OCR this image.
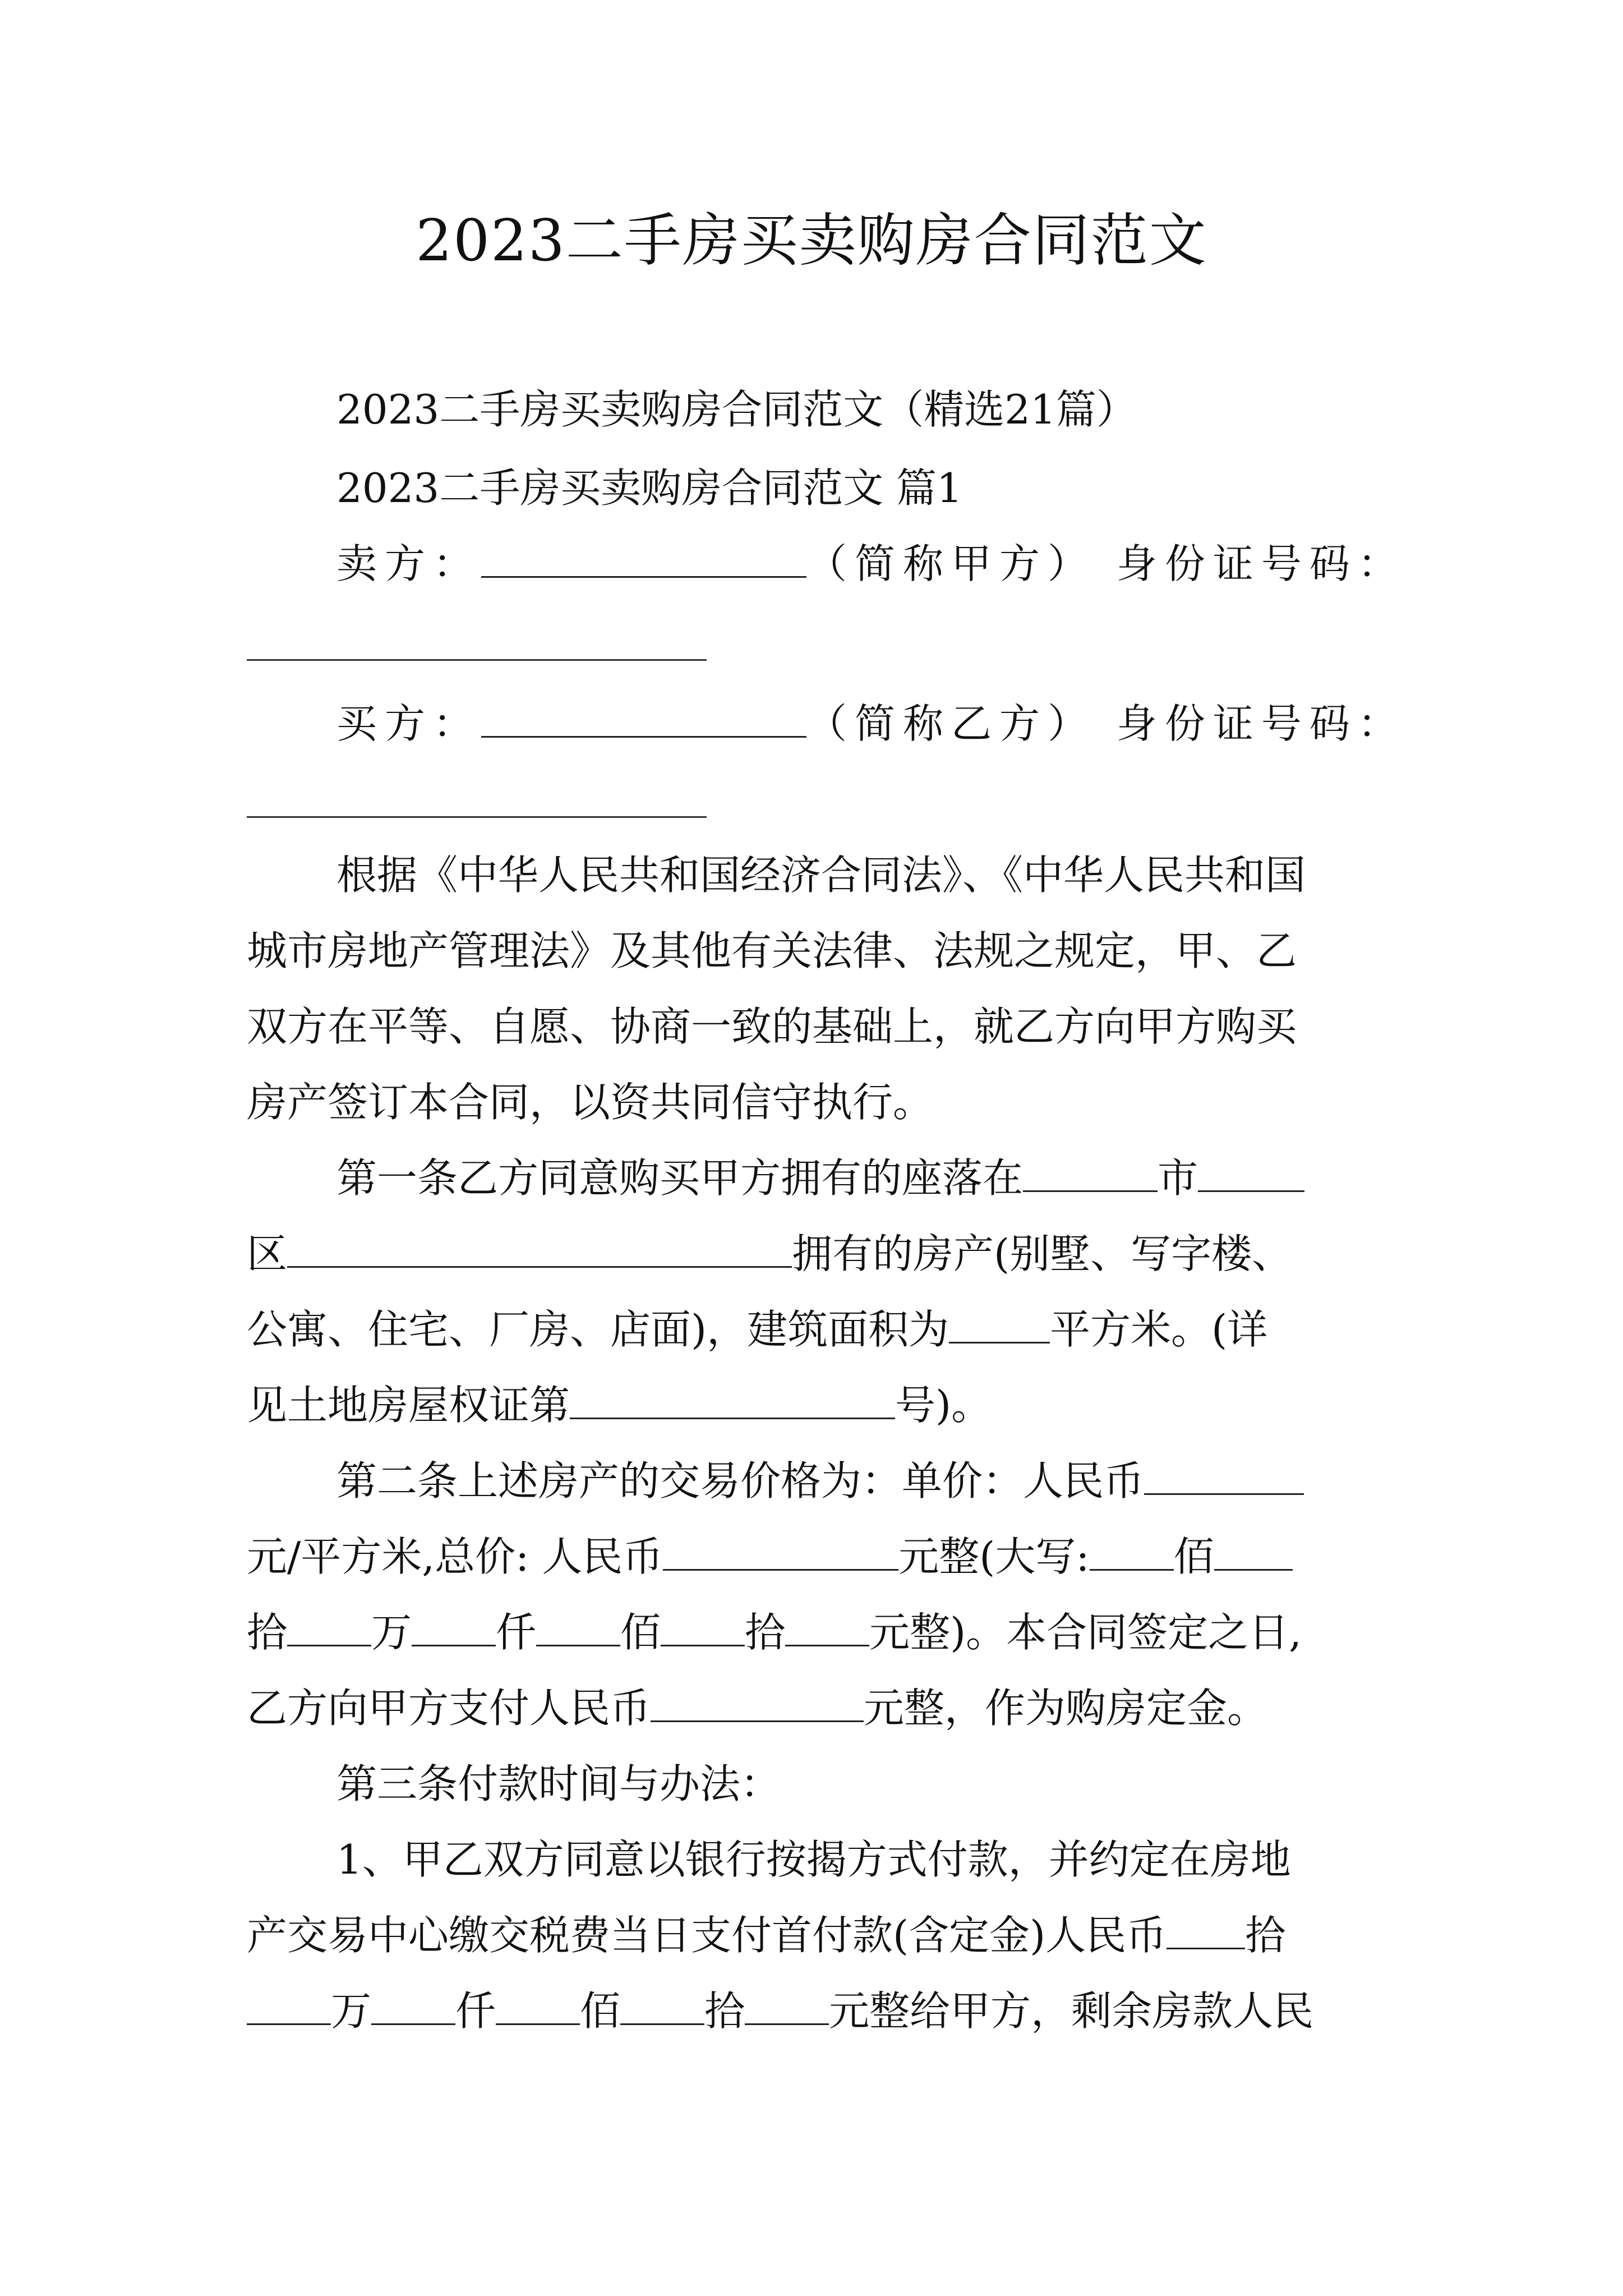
2023二手房买卖购房合同范文
2023二手房买卖购房合同范文（精选21篇）
2023二手房买卖购房合同范文 篇1
卖方：	（简称甲方） 身份证号码：
买方：	（简称乙方） 身份证号码：
根据《中华人民共和国经济合同法》、《中华人民共和国
城市房地产管理法》及其他有关法律、法规之规定，甲、乙
双方在平等、自愿、协商一致的基础上，就乙方向甲方购买
房产签订本合同，以资共同信守执行。
第一条乙方同意购买甲方拥有的座落在	市
区	拥有的房产(别墅、写字楼、
公寓、住宅、厂房、店面)，建筑面积为	平方米。(详
见土地房屋权证第	号)。
第二条上述房产的交易价格为：单价：人民币
元/平方米,总价: 人民币	元整(大写: 佰
拾 万 仟 佰 拾 元整)。本合同签定之日,
乙方向甲方支付人民币	元整，作为购房定金。
第三条付款时间与办法：
1、甲乙双方同意以银行按揭方式付款，并约定在房地
产交易中心缴交税费当日支付首付款(含定金)人民币 拾
万 仟 佰 拾 元整给甲方，剩余房款人民
